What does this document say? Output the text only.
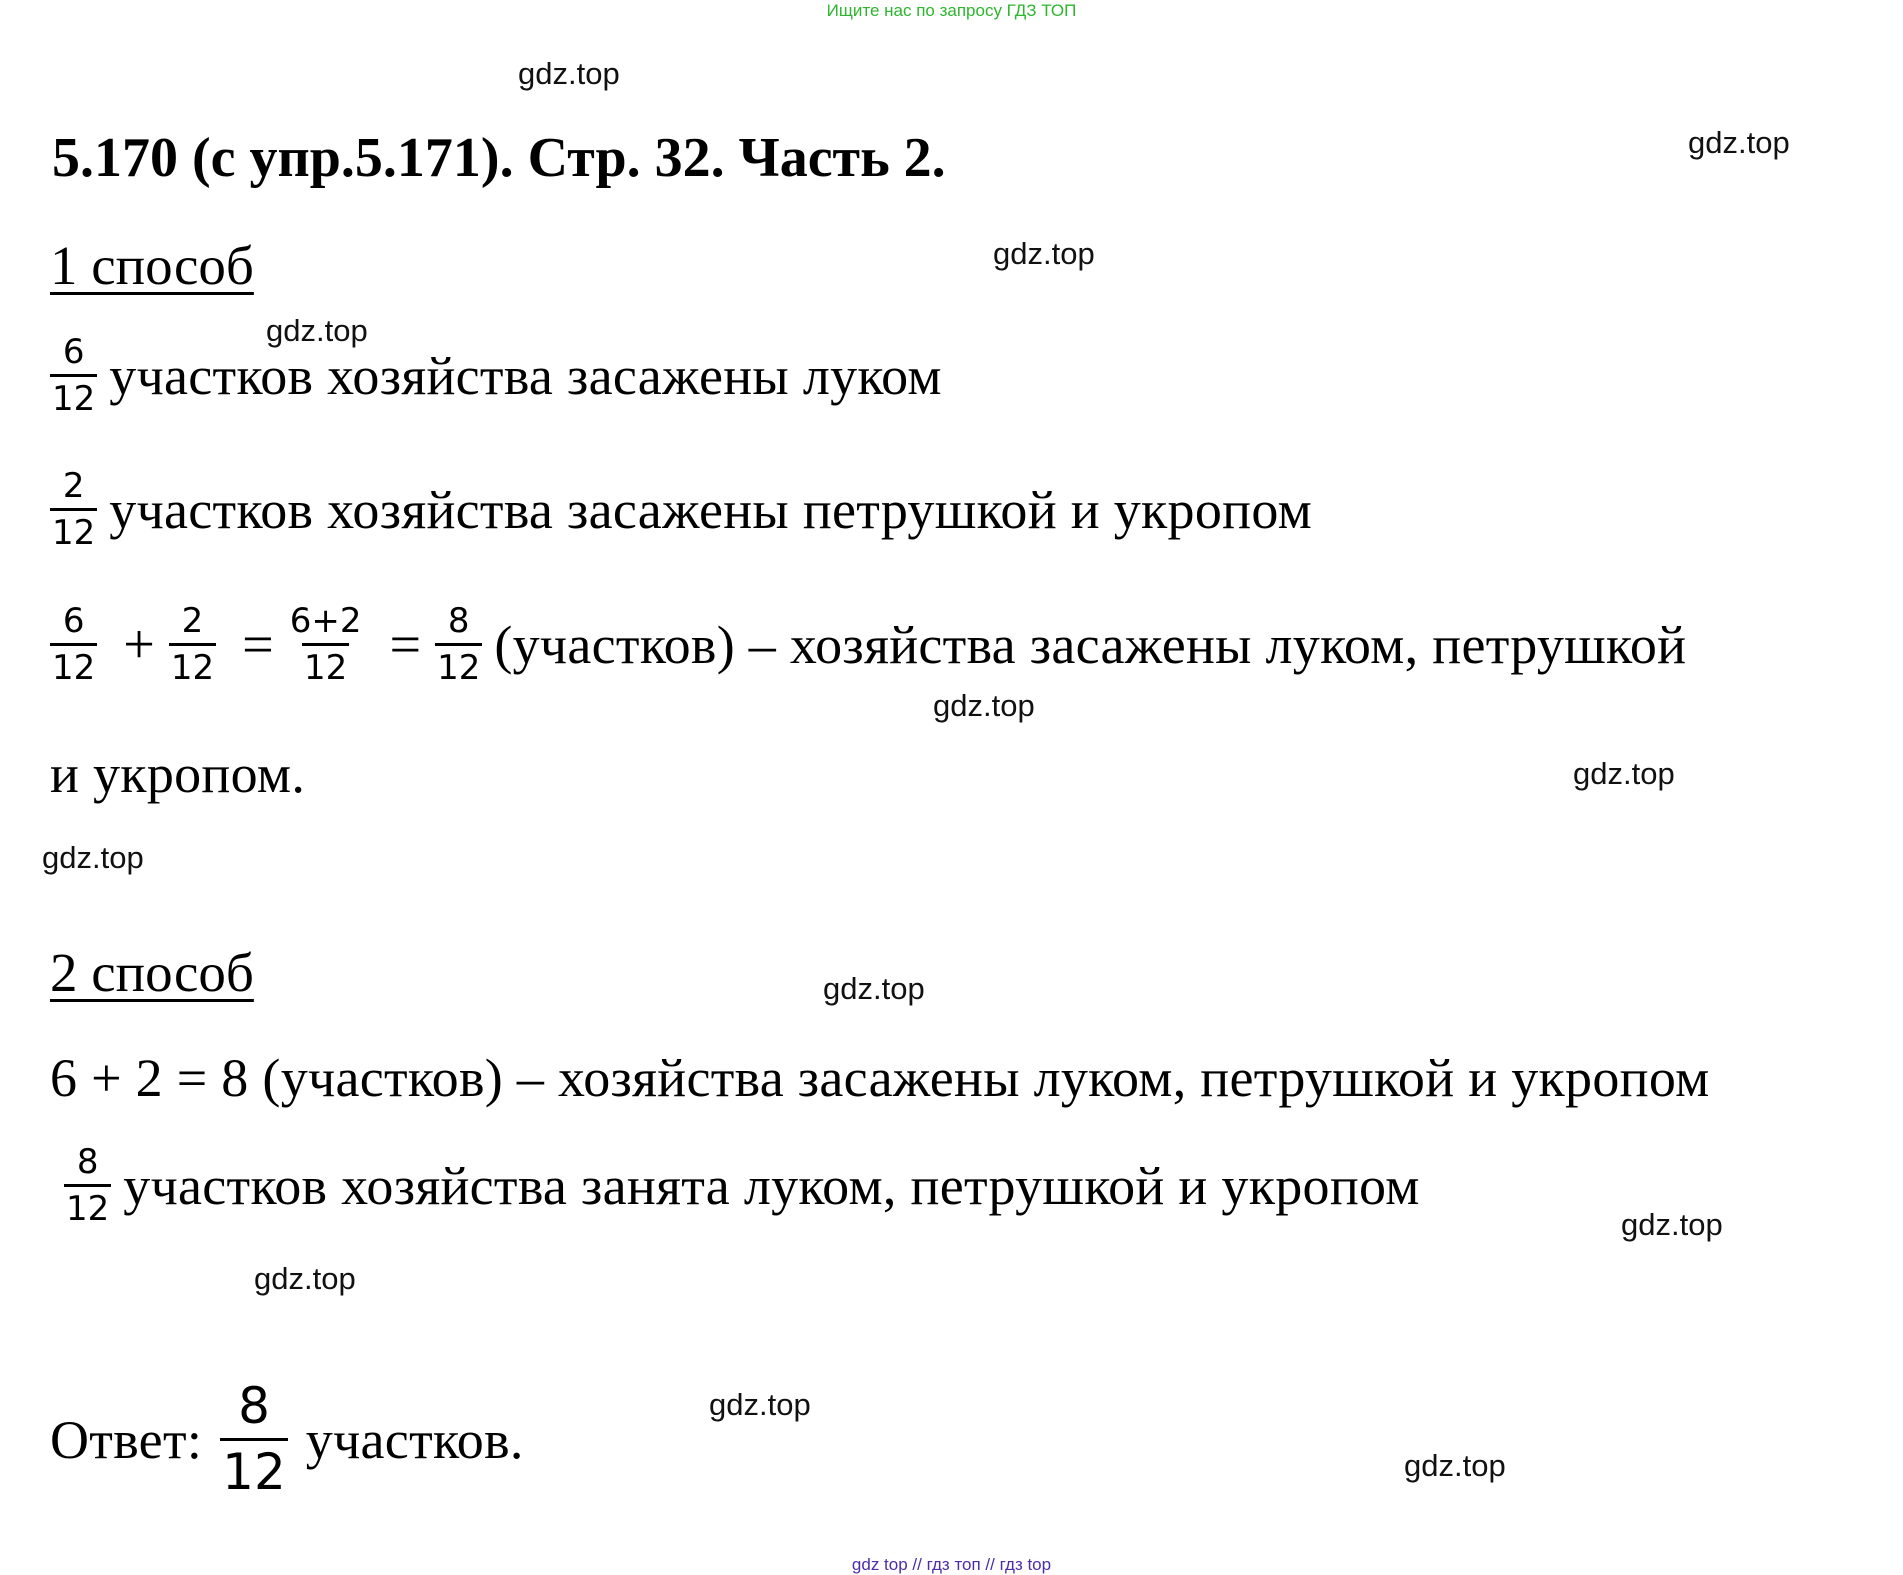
Ищите нас по запросу ГДЗ ТОП
gdz top // гдз топ // гдз top
gdz.top
gdz.top
gdz.top
gdz.top
gdz.top
gdz.top
gdz.top
gdz.top
gdz.top
gdz.top
gdz.top
gdz.top
5.170 (с упр.5.171). Стр. 32. Часть 2.
1 способ
$\frac{6}{12}$ участков хозяйства засажены луком
$\frac{2}{12}$ участков хозяйства засажены петрушкой и укропом
$\frac{6}{12} + \frac{2}{12} = \frac{6+2}{12} = \frac{8}{12}$ (участков) – хозяйства засажены луком, петрушкой
и укропом.
2 способ
6 + 2 = 8 (участков) – хозяйства засажены луком, петрушкой и укропом
$\frac{8}{12}$ участков хозяйства занята луком, петрушкой и укропом
Ответ: $\frac{8}{12}$ участков.
